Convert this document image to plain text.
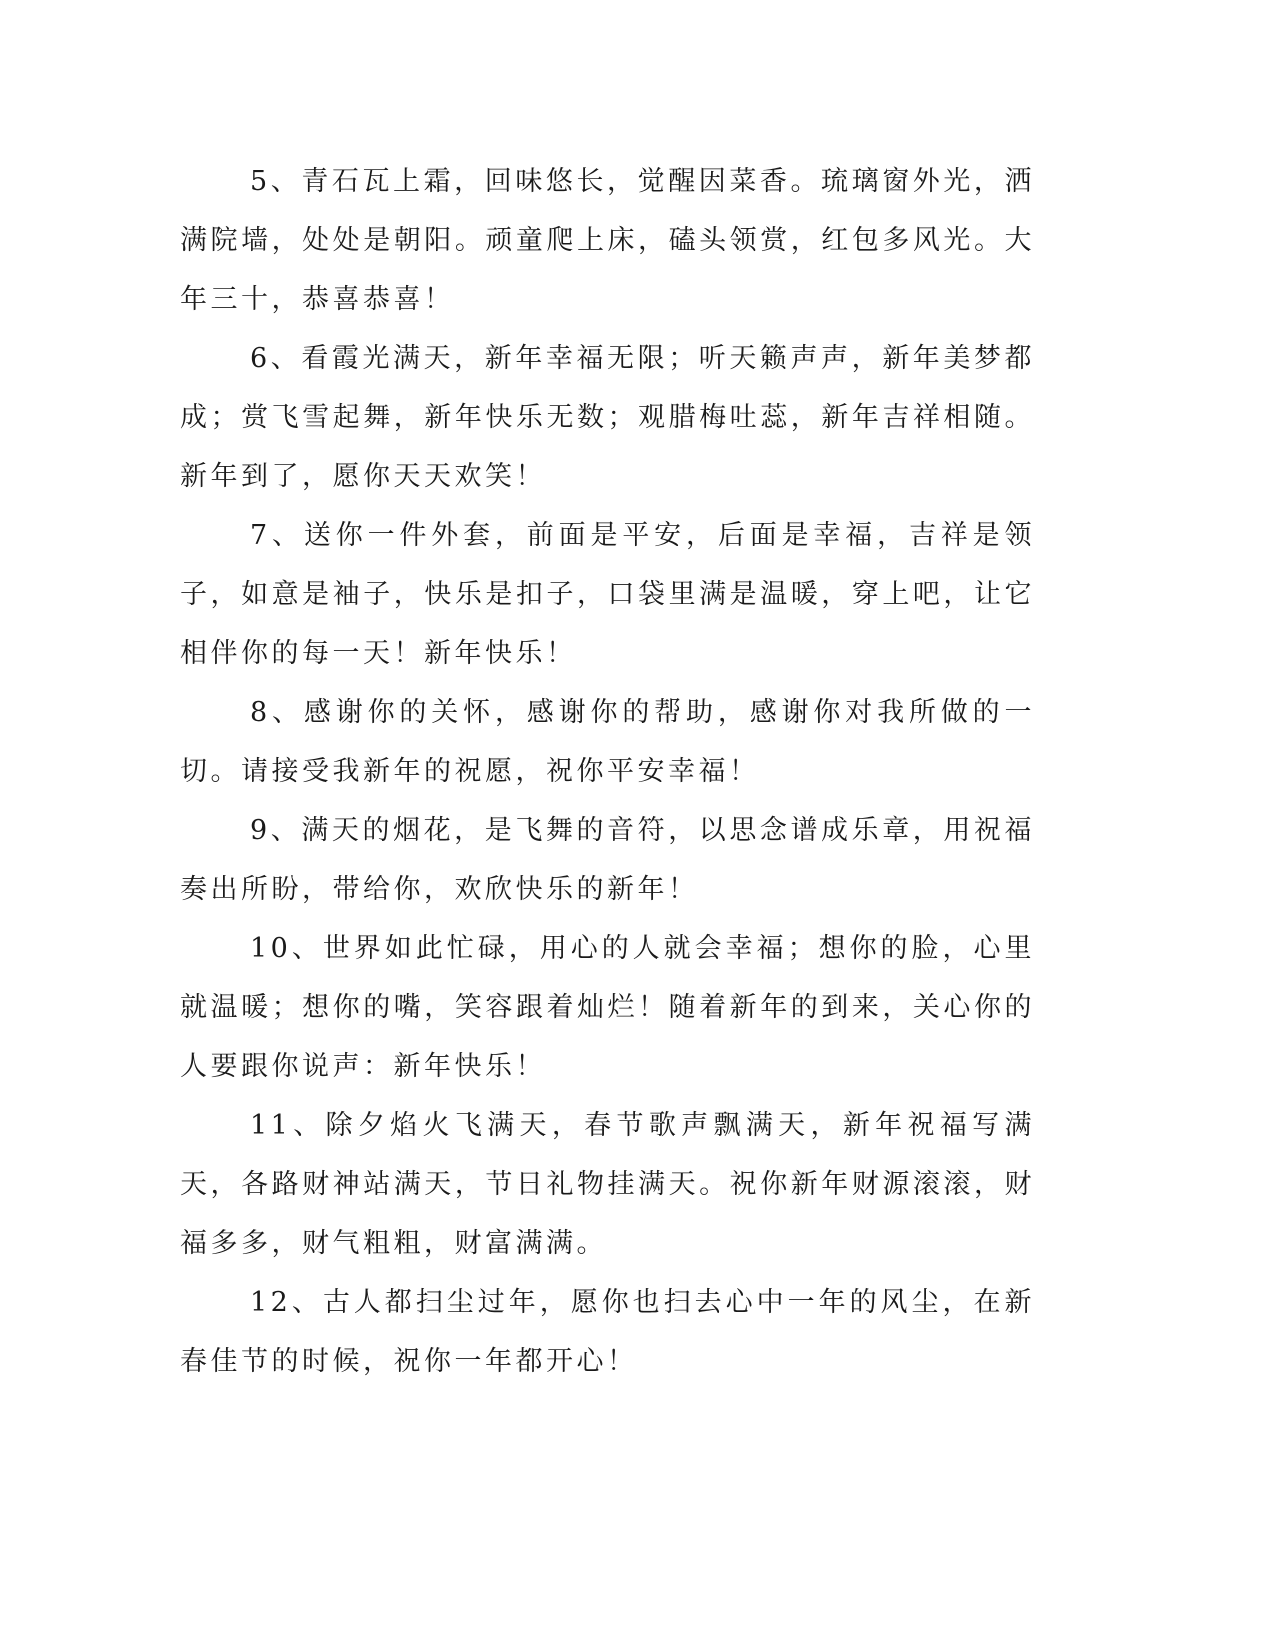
5、青石瓦上霜，回味悠长，觉醒因菜香。琉璃窗外光，洒满院墙，处处是朝阳。顽童爬上床，磕头领赏，红包多风光。大年三十，恭喜恭喜！

6、看霞光满天，新年幸福无限；听天籁声声，新年美梦都成；赏飞雪起舞，新年快乐无数；观腊梅吐蕊，新年吉祥相随。新年到了，愿你天天欢笑！

7、送你一件外套，前面是平安，后面是幸福，吉祥是领子，如意是袖子，快乐是扣子，口袋里满是温暖，穿上吧，让它相伴你的每一天！新年快乐！

8、感谢你的关怀，感谢你的帮助，感谢你对我所做的一切。请接受我新年的祝愿，祝你平安幸福！

9、满天的烟花，是飞舞的音符，以思念谱成乐章，用祝福奏出所盼，带给你，欢欣快乐的新年！

10、世界如此忙碌，用心的人就会幸福；想你的脸，心里就温暖；想你的嘴，笑容跟着灿烂！随着新年的到来，关心你的人要跟你说声：新年快乐！

11、除夕焰火飞满天，春节歌声飘满天，新年祝福写满天，各路财神站满天，节日礼物挂满天。祝你新年财源滚滚，财福多多，财气粗粗，财富满满。

12、古人都扫尘过年，愿你也扫去心中一年的风尘，在新春佳节的时候，祝你一年都开心！
